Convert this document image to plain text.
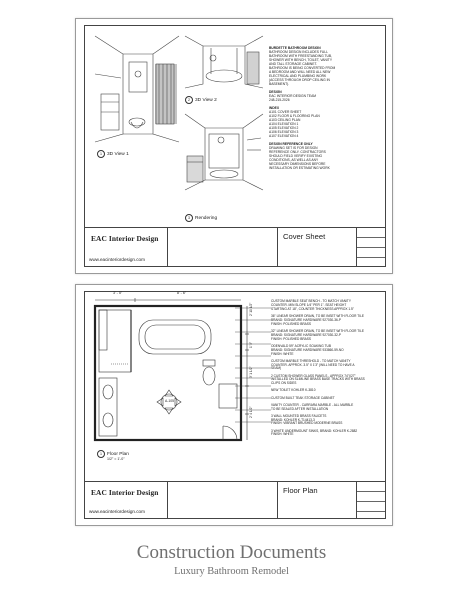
1 3D View 1
2 3D View 2
3 Rendering
BURDETTE BATHROOM DESIGN
BATHROOM DESIGN INCLUDES FULL
BATHROOM WITH FREESTANDING TUB,
SHOWER WITH BENCH, TOILET, VANITY
AND TALL STORAGE CABINET.
BATHROOM IS BEING CONVERTED FROM
A BEDROOM AND WILL NEED ALL NEW
ELECTRICAL AND PLUMBING WORK
(ACCESS THROUGH DROP CEILING IN
BASEMENT).
DESIGN
EAC INTERIOR DESIGN TEAM
248-215-2026
INDEX
A101 COVER SHEET
A102 FLOOR & FLOORING PLAN
A103 CEILING PLAN
A104 ELEVATION 1
A105 ELEVATION 2
A106 ELEVATION 3
A107 ELEVATION 4
DESIGN REFERENCE ONLY
DRAWING SET IS FOR DESIGN
REFERENCE ONLY. CONTRACTORS
SHOULD FIELD VERIFY EXISTING
CONDITIONS, AS WELL AS ANY
NECESSARY DIMENSIONS BEFORE
INSTALLATION OR ESTIMATING WORK
EAC Interior Design
www.eacinteriordesign.com
Cover Sheet
3' - 5"	8' - 6"
A-105
2' 10 1/2"
1' 5"
3' 1 1/2"
2' 4 1/2"
1 Floor Plan
1/2" = 1'-0"
CUSTOM MARBLE SEAT BENCH - TO MATCH VANITY
COUNTER. MIN SLOPE 1/4" PER 1". SEAT HEIGHT
STARTING AT 18", COUNTER THICKNESS APPROX 1.5"
36" LINEAR SHOWER DRAIN, TO BE INSET WITH FLOOR TILE
BRAND: SIGNATURE HARDWARE 927030-36-P
FINISH: POLISHED BRASS
32" LINEAR SHOWER DRAIN, TO BE INSET WITH FLOOR TILE
BRAND: SIGNATURE HARDWARE 927030-32-P
FINISH: POLISHED BRASS
ODENVALD 59" ACRYLIC SOAKING TUB
BRAND: SIGNATURE HARDWARE 933860-59-NO
FINISH: WHITE
CUSTOM MARBLE THRESHOLD - TO MATCH VANITY
COUNTER. APPROX. 3.5" X 1'3" (WILL NEED TO HAVE A
SEAM)
2 CUSTOM SHOWER GLASS PANELS - APPROX 74"X27"
INSTALLED ON SLIMLINE BRASS BASE TRACKS WITH BRASS
CLIPS ON SIDES
NEW TOILET KOHLER K-3810
CUSTOM BUILT TEAK STORAGE CABINET
VANITY COUNTER - CARRARA MARBLE - ALL MARBLE
TO BE SEALED AFTER INSTALLATION
3 WALL MOUNTED BRASS FAUCETS
BRAND: KOHLER K-T14413-3
FINISH: VIBRANT BRUSHED MODERNE BRASS
3 WHITE UNDERMOUNT SINKS, BRAND: KOHLER K-2882
FINISH: WHITE
EAC Interior Design
www.eacinteriordesign.com
Floor Plan
Construction Documents
Luxury Bathroom Remodel
